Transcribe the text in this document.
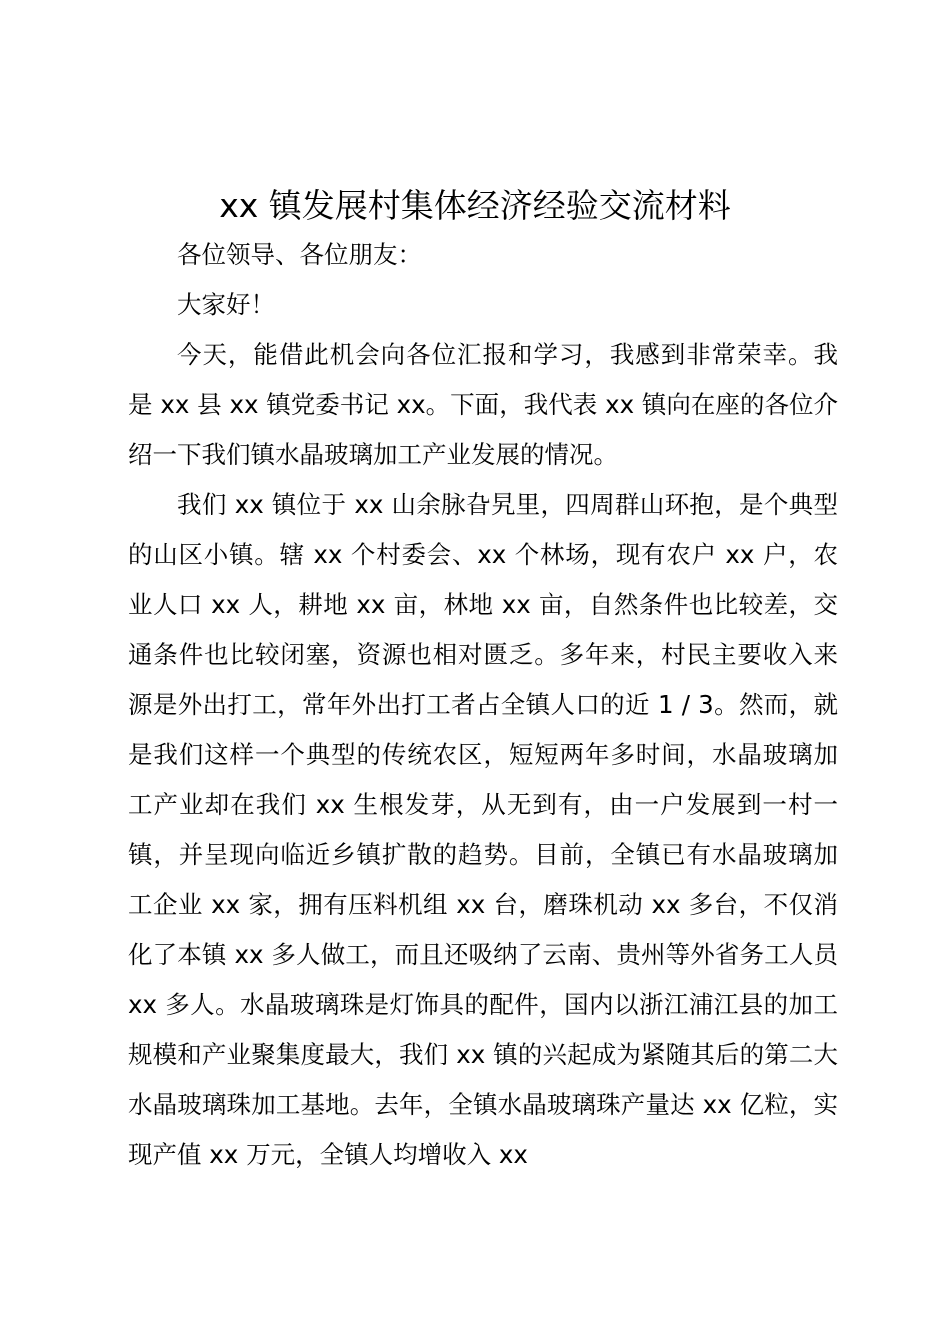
xx 镇发展村集体经济经验交流材料

各位领导、各位朋友：

大家好！

今天，能借此机会向各位汇报和学习，我感到非常荣幸。我是 xx 县 xx 镇党委书记 xx。下面，我代表 xx 镇向在座的各位介绍一下我们镇水晶玻璃加工产业发展的情况。

我们 xx 镇位于 xx 山余脉旮旯里，四周群山环抱，是个典型的山区小镇。辖 xx 个村委会、xx 个林场，现有农户 xx 户，农业人口 xx 人，耕地 xx 亩，林地 xx 亩，自然条件也比较差，交通条件也比较闭塞，资源也相对匮乏。多年来，村民主要收入来源是外出打工，常年外出打工者占全镇人口的近 1 / 3。然而，就是我们这样一个典型的传统农区，短短两年多时间，水晶玻璃加工产业却在我们 xx 生根发芽，从无到有，由一户发展到一村一镇，并呈现向临近乡镇扩散的趋势。目前，全镇已有水晶玻璃加工企业 xx 家，拥有压料机组 xx 台，磨珠机动 xx 多台，不仅消化了本镇 xx 多人做工，而且还吸纳了云南、贵州等外省务工人员 xx 多人。水晶玻璃珠是灯饰具的配件，国内以浙江浦江县的加工规模和产业聚集度最大，我们 xx 镇的兴起成为紧随其后的第二大水晶玻璃珠加工基地。去年，全镇水晶玻璃珠产量达 xx 亿粒，实现产值 xx 万元，全镇人均增收入 xx
